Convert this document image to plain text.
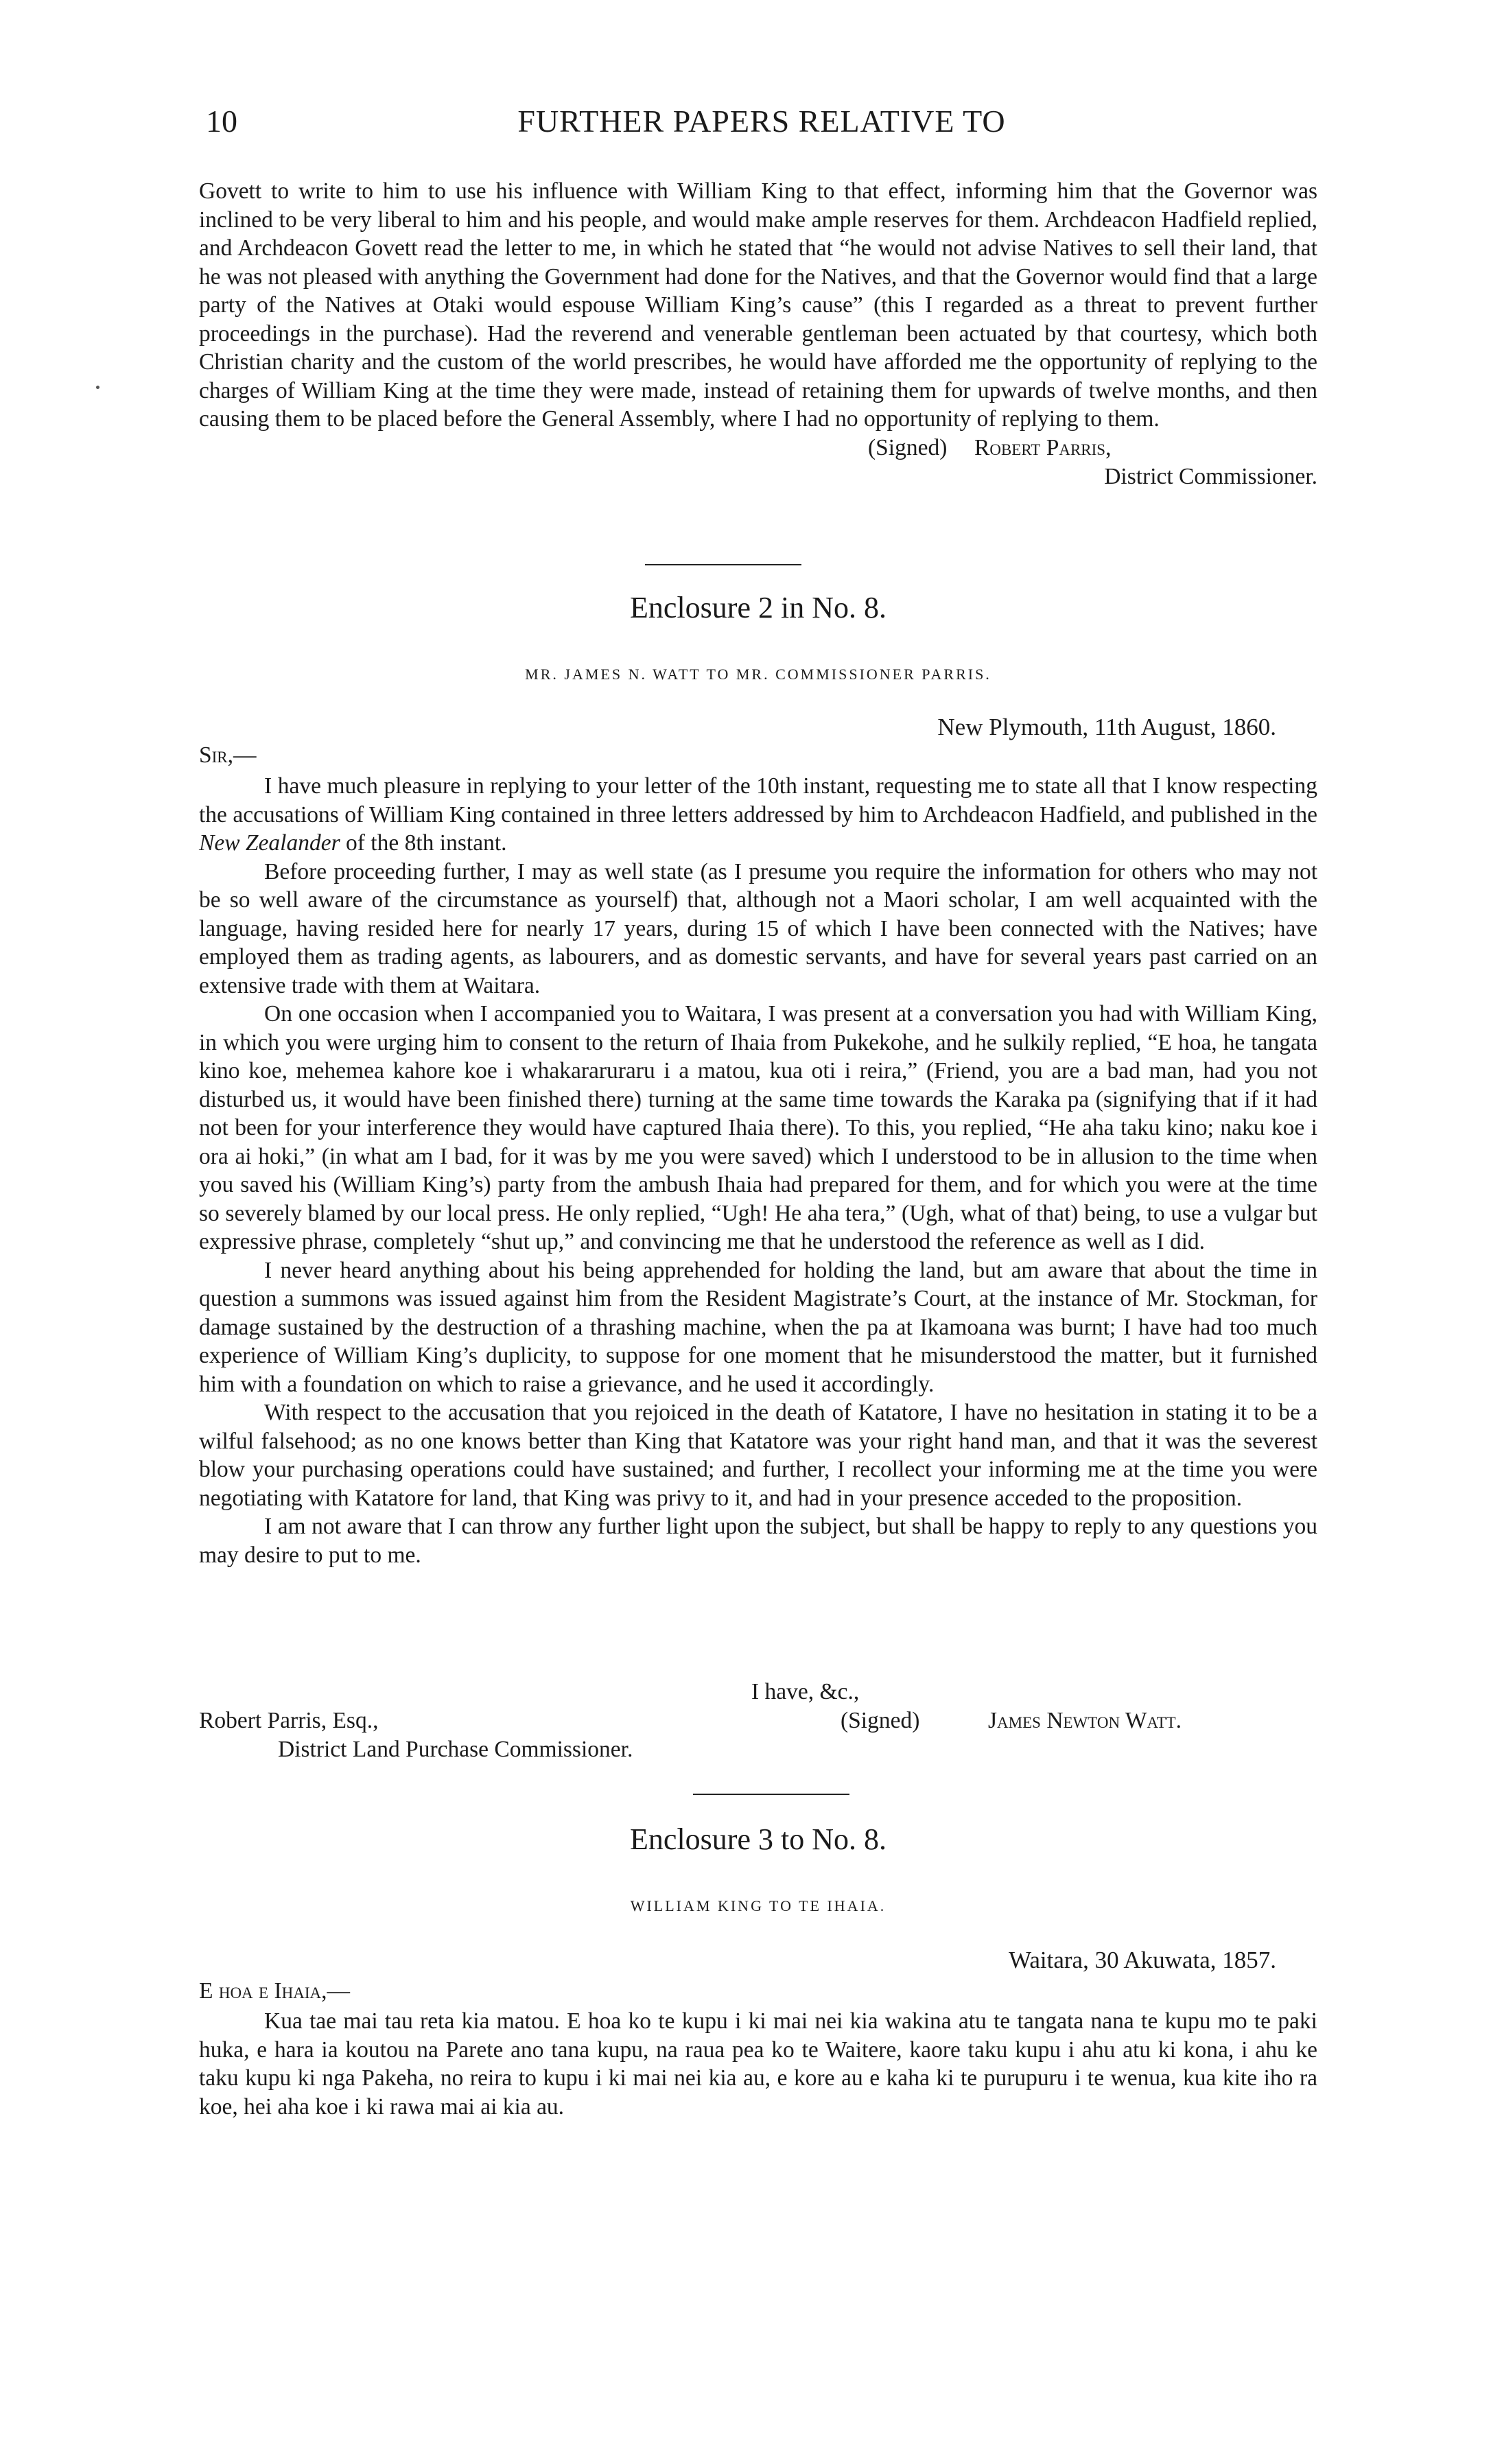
10	FURTHER PAPERS RELATIVE TO

Govett to write to him to use his influence with William King to that effect, informing him that the Governor was inclined to be very liberal to him and his people, and would make ample reserves for them. Archdeacon Hadfield replied, and Archdeacon Govett read the letter to me, in which he stated that “he would not advise Natives to sell their land, that he was not pleased with anything the Government had done for the Natives, and that the Governor would find that a large party of the Natives at Otaki would espouse William King’s cause” (this I regarded as a threat to prevent further proceedings in the purchase). Had the reverend and venerable gentleman been actuated by that courtesy, which both Christian charity and the custom of the world prescribes, he would have afforded me the opportunity of replying to the charges of William King at the time they were made, instead of retaining them for upwards of twelve months, and then causing them to be placed before the General Assembly, where I had no opportunity of replying to them.

(Signed) Robert Parris,
District Commissioner.
Enclosure 2 in No. 8.
MR. JAMES N. WATT TO MR. COMMISSIONER PARRIS.
New Plymouth, 11th August, 1860.
Sir,—

I have much pleasure in replying to your letter of the 10th instant, requesting me to state all that I know respecting the accusations of William King contained in three letters addressed by him to Archdeacon Hadfield, and published in the New Zealander of the 8th instant.

Before proceeding further, I may as well state (as I presume you require the information for others who may not be so well aware of the circumstance as yourself) that, although not a Maori scholar, I am well acquainted with the language, having resided here for nearly 17 years, during 15 of which I have been connected with the Natives; have employed them as trading agents, as labourers, and as domestic servants, and have for several years past carried on an extensive trade with them at Waitara.

On one occasion when I accompanied you to Waitara, I was present at a conversation you had with William King, in which you were urging him to consent to the return of Ihaia from Pukekohe, and he sulkily replied, “E hoa, he tangata kino koe, mehemea kahore koe i whakararuraru i a matou, kua oti i reira,” (Friend, you are a bad man, had you not disturbed us, it would have been finished there) turning at the same time towards the Karaka pa (signifying that if it had not been for your interference they would have captured Ihaia there). To this, you replied, “He aha taku kino; naku koe i ora ai hoki,” (in what am I bad, for it was by me you were saved) which I understood to be in allusion to the time when you saved his (William King’s) party from the ambush Ihaia had prepared for them, and for which you were at the time so severely blamed by our local press. He only replied, “Ugh! He aha tera,” (Ugh, what of that) being, to use a vulgar but expressive phrase, completely “shut up,” and convincing me that he understood the reference as well as I did.

I never heard anything about his being apprehended for holding the land, but am aware that about the time in question a summons was issued against him from the Resident Magistrate’s Court, at the instance of Mr. Stockman, for damage sustained by the destruction of a thrashing machine, when the pa at Ikamoana was burnt; I have had too much experience of William King’s duplicity, to suppose for one moment that he misunderstood the matter, but it furnished him with a foundation on which to raise a grievance, and he used it accordingly.

With respect to the accusation that you rejoiced in the death of Katatore, I have no hesitation in stating it to be a wilful falsehood; as no one knows better than King that Katatore was your right hand man, and that it was the severest blow your purchasing operations could have sustained; and further, I recollect your informing me at the time you were negotiating with Katatore for land, that King was privy to it, and had in your presence acceded to the proposition.

I am not aware that I can throw any further light upon the subject, but shall be happy to reply to any questions you may desire to put to me.

I have, &c.,
Robert Parris, Esq.,	(Signed)	James Newton Watt.
District Land Purchase Commissioner.
Enclosure 3 to No. 8.
WILLIAM KING TO TE IHAIA.
Waitara, 30 Akuwata, 1857.
E hoa e Ihaia,—

Kua tae mai tau reta kia matou. E hoa ko te kupu i ki mai nei kia wakina atu te tangata nana te kupu mo te paki huka, e hara ia koutou na Parete ano tana kupu, na raua pea ko te Waitere, kaore taku kupu i ahu atu ki kona, i ahu ke taku kupu ki nga Pakeha, no reira to kupu i ki mai nei kia au, e kore au e kaha ki te purupuru i te wenua, kua kite iho ra koe, hei aha koe i ki rawa mai ai kia au.
